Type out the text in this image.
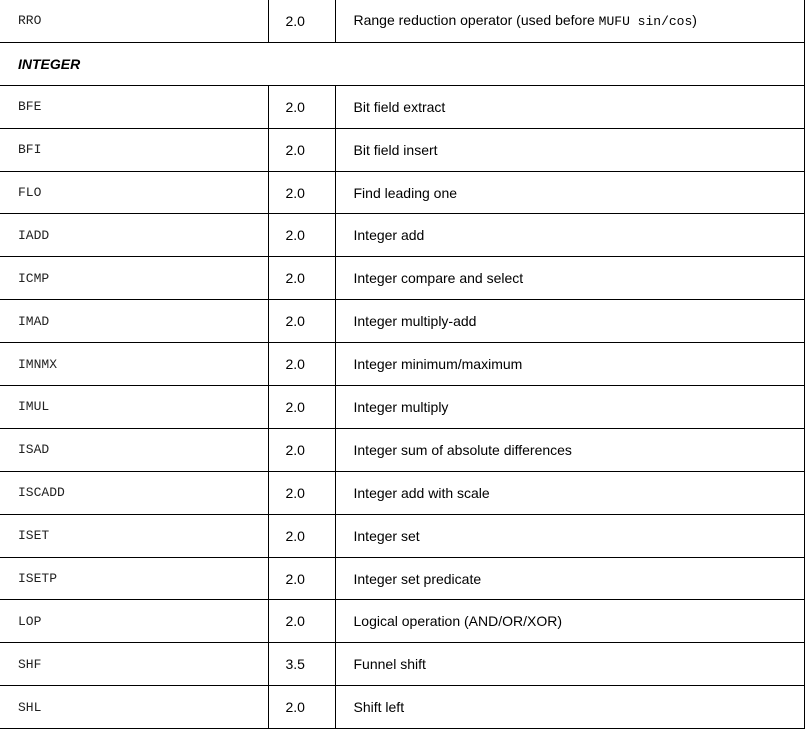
RRO	2.0	Range reduction operator (used before MUFU sin/cos)
INTEGER		
BFE	2.0	Bit field extract
BFI	2.0	Bit field insert
FLO	2.0	Find leading one
IADD	2.0	Integer add
ICMP	2.0	Integer compare and select
IMAD	2.0	Integer multiply-add
IMNMX	2.0	Integer minimum/maximum
IMUL	2.0	Integer multiply
ISAD	2.0	Integer sum of absolute differences
ISCADD	2.0	Integer add with scale
ISET	2.0	Integer set
ISETP	2.0	Integer set predicate
LOP	2.0	Logical operation (AND/OR/XOR)
SHF	3.5	Funnel shift
SHL	2.0	Shift left
